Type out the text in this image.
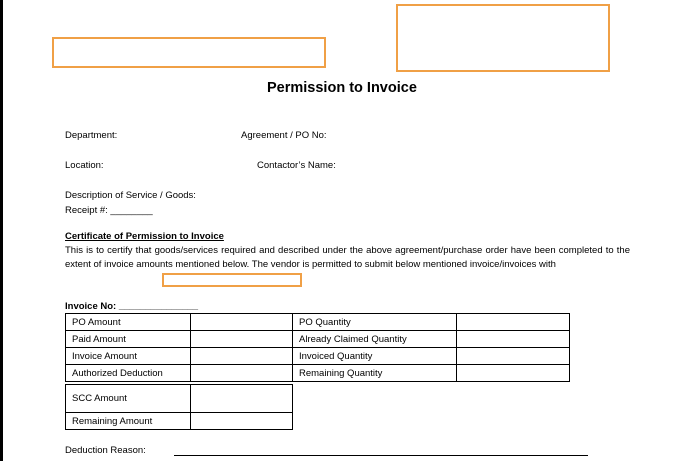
Permission to Invoice
Department:	Agreement / PO No:
Location:	Contactor’s Name:
Description of Service / Goods:
Receipt #: ________
Certificate of Permission to Invoice
This is to certify that goods/services required and described under the above agreement/purchase order have been completed to the extent of invoice amounts mentioned below. The vendor is permitted to submit below mentioned invoice/invoices with
Invoice No: _______________
PO Amount		PO Quantity	
Paid Amount		Already Claimed Quantity	
Invoice Amount		Invoiced Quantity	
Authorized Deduction		Remaining Quantity	
SCC Amount	
Remaining Amount	
Deduction Reason:
